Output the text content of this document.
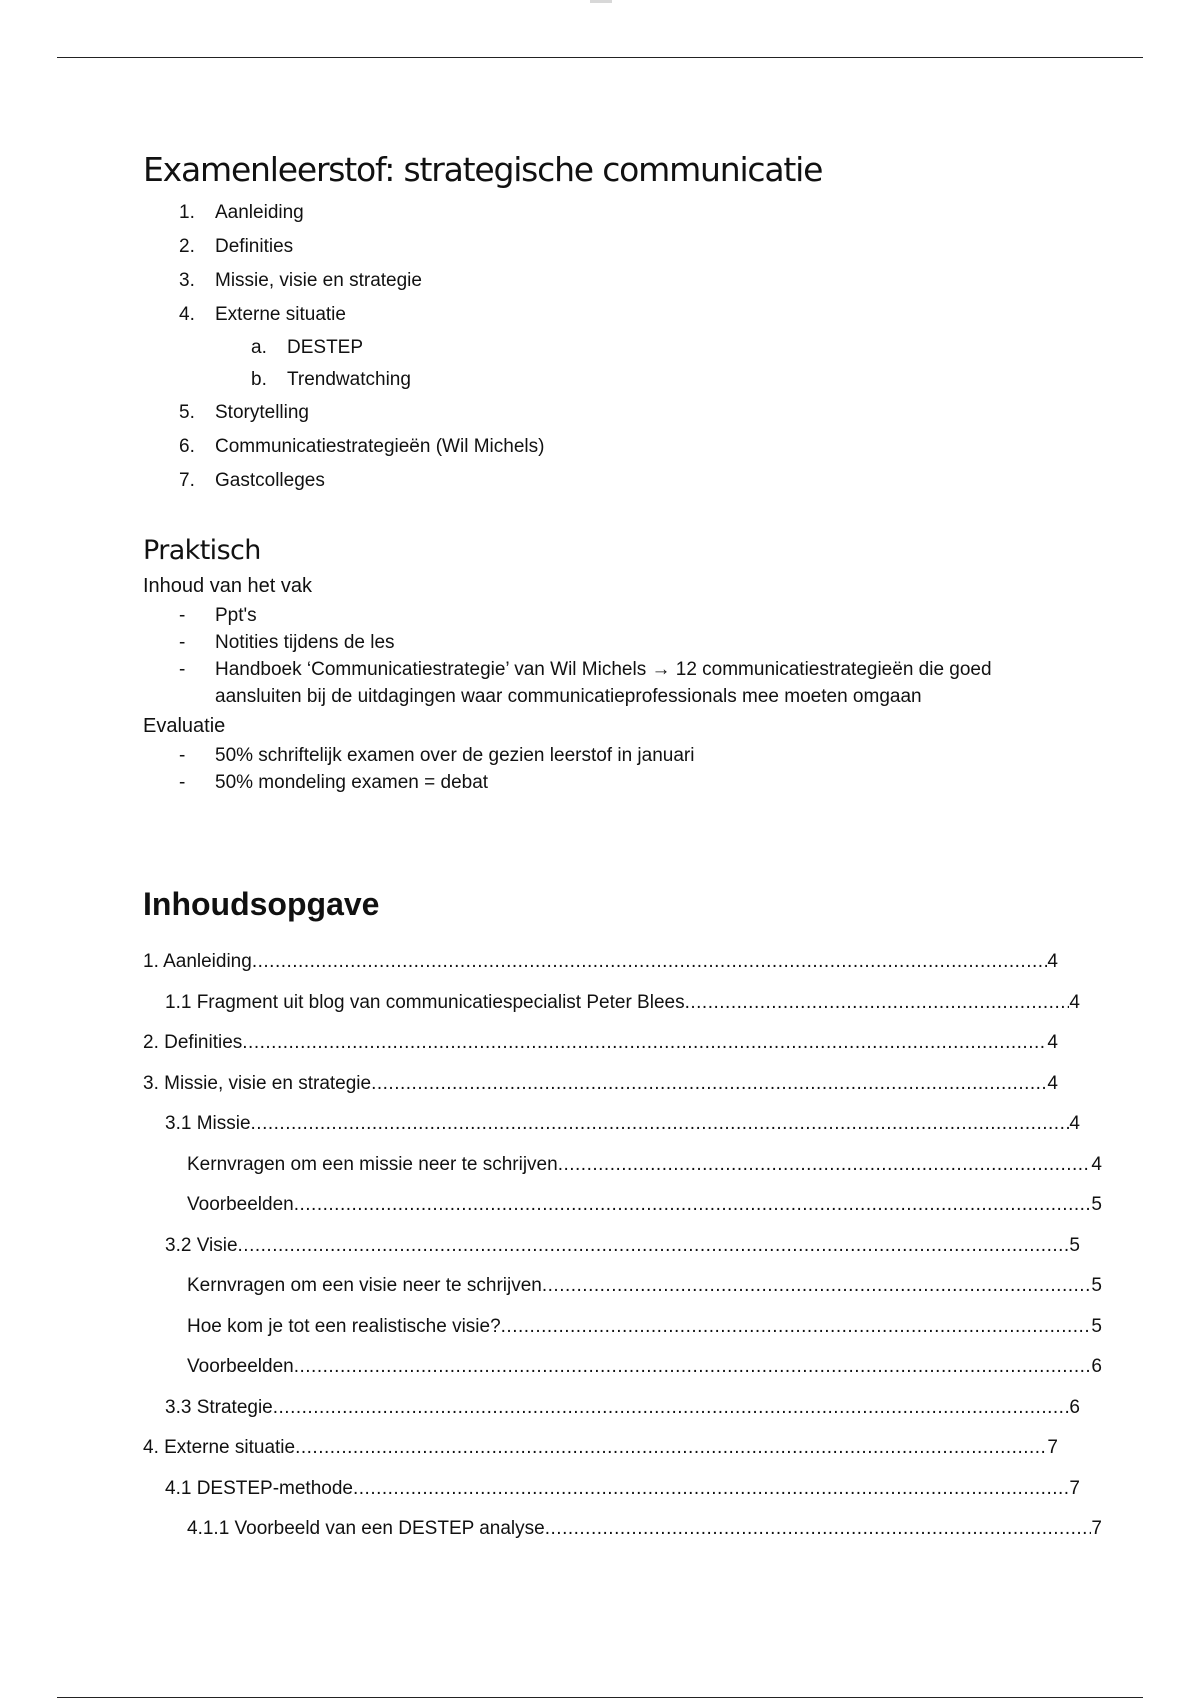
Examenleerstof: strategische communicatie
1. Aanleiding
2. Definities
3. Missie, visie en strategie
4. Externe situatie
a. DESTEP
b. Trendwatching
5. Storytelling
6. Communicatiestrategieën (Wil Michels)
7. Gastcolleges
Praktisch
Inhoud van het vak
- Ppt's
- Notities tijdens de les
- Handboek ‘Communicatiestrategie’ van Wil Michels → 12 communicatiestrategieën die goed aansluiten bij de uitdagingen waar communicatieprofessionals mee moeten omgaan
Evaluatie
- 50% schriftelijk examen over de gezien leerstof in januari
- 50% mondeling examen = debat
Inhoudsopgave
1. Aanleiding .....	4
1.1 Fragment uit blog van communicatiespecialist Peter Blees .....	4
2. Definities .....	4
3. Missie, visie en strategie .....	4
3.1 Missie .....	4
Kernvragen om een missie neer te schrijven .....	4
Voorbeelden .....	5
3.2 Visie .....	5
Kernvragen om een visie neer te schrijven .....	5
Hoe kom je tot een realistische visie? .....	5
Voorbeelden .....	6
3.3 Strategie .....	6
4. Externe situatie .....	7
4.1 DESTEP-methode .....	7
4.1.1 Voorbeeld van een DESTEP analyse .....	7
